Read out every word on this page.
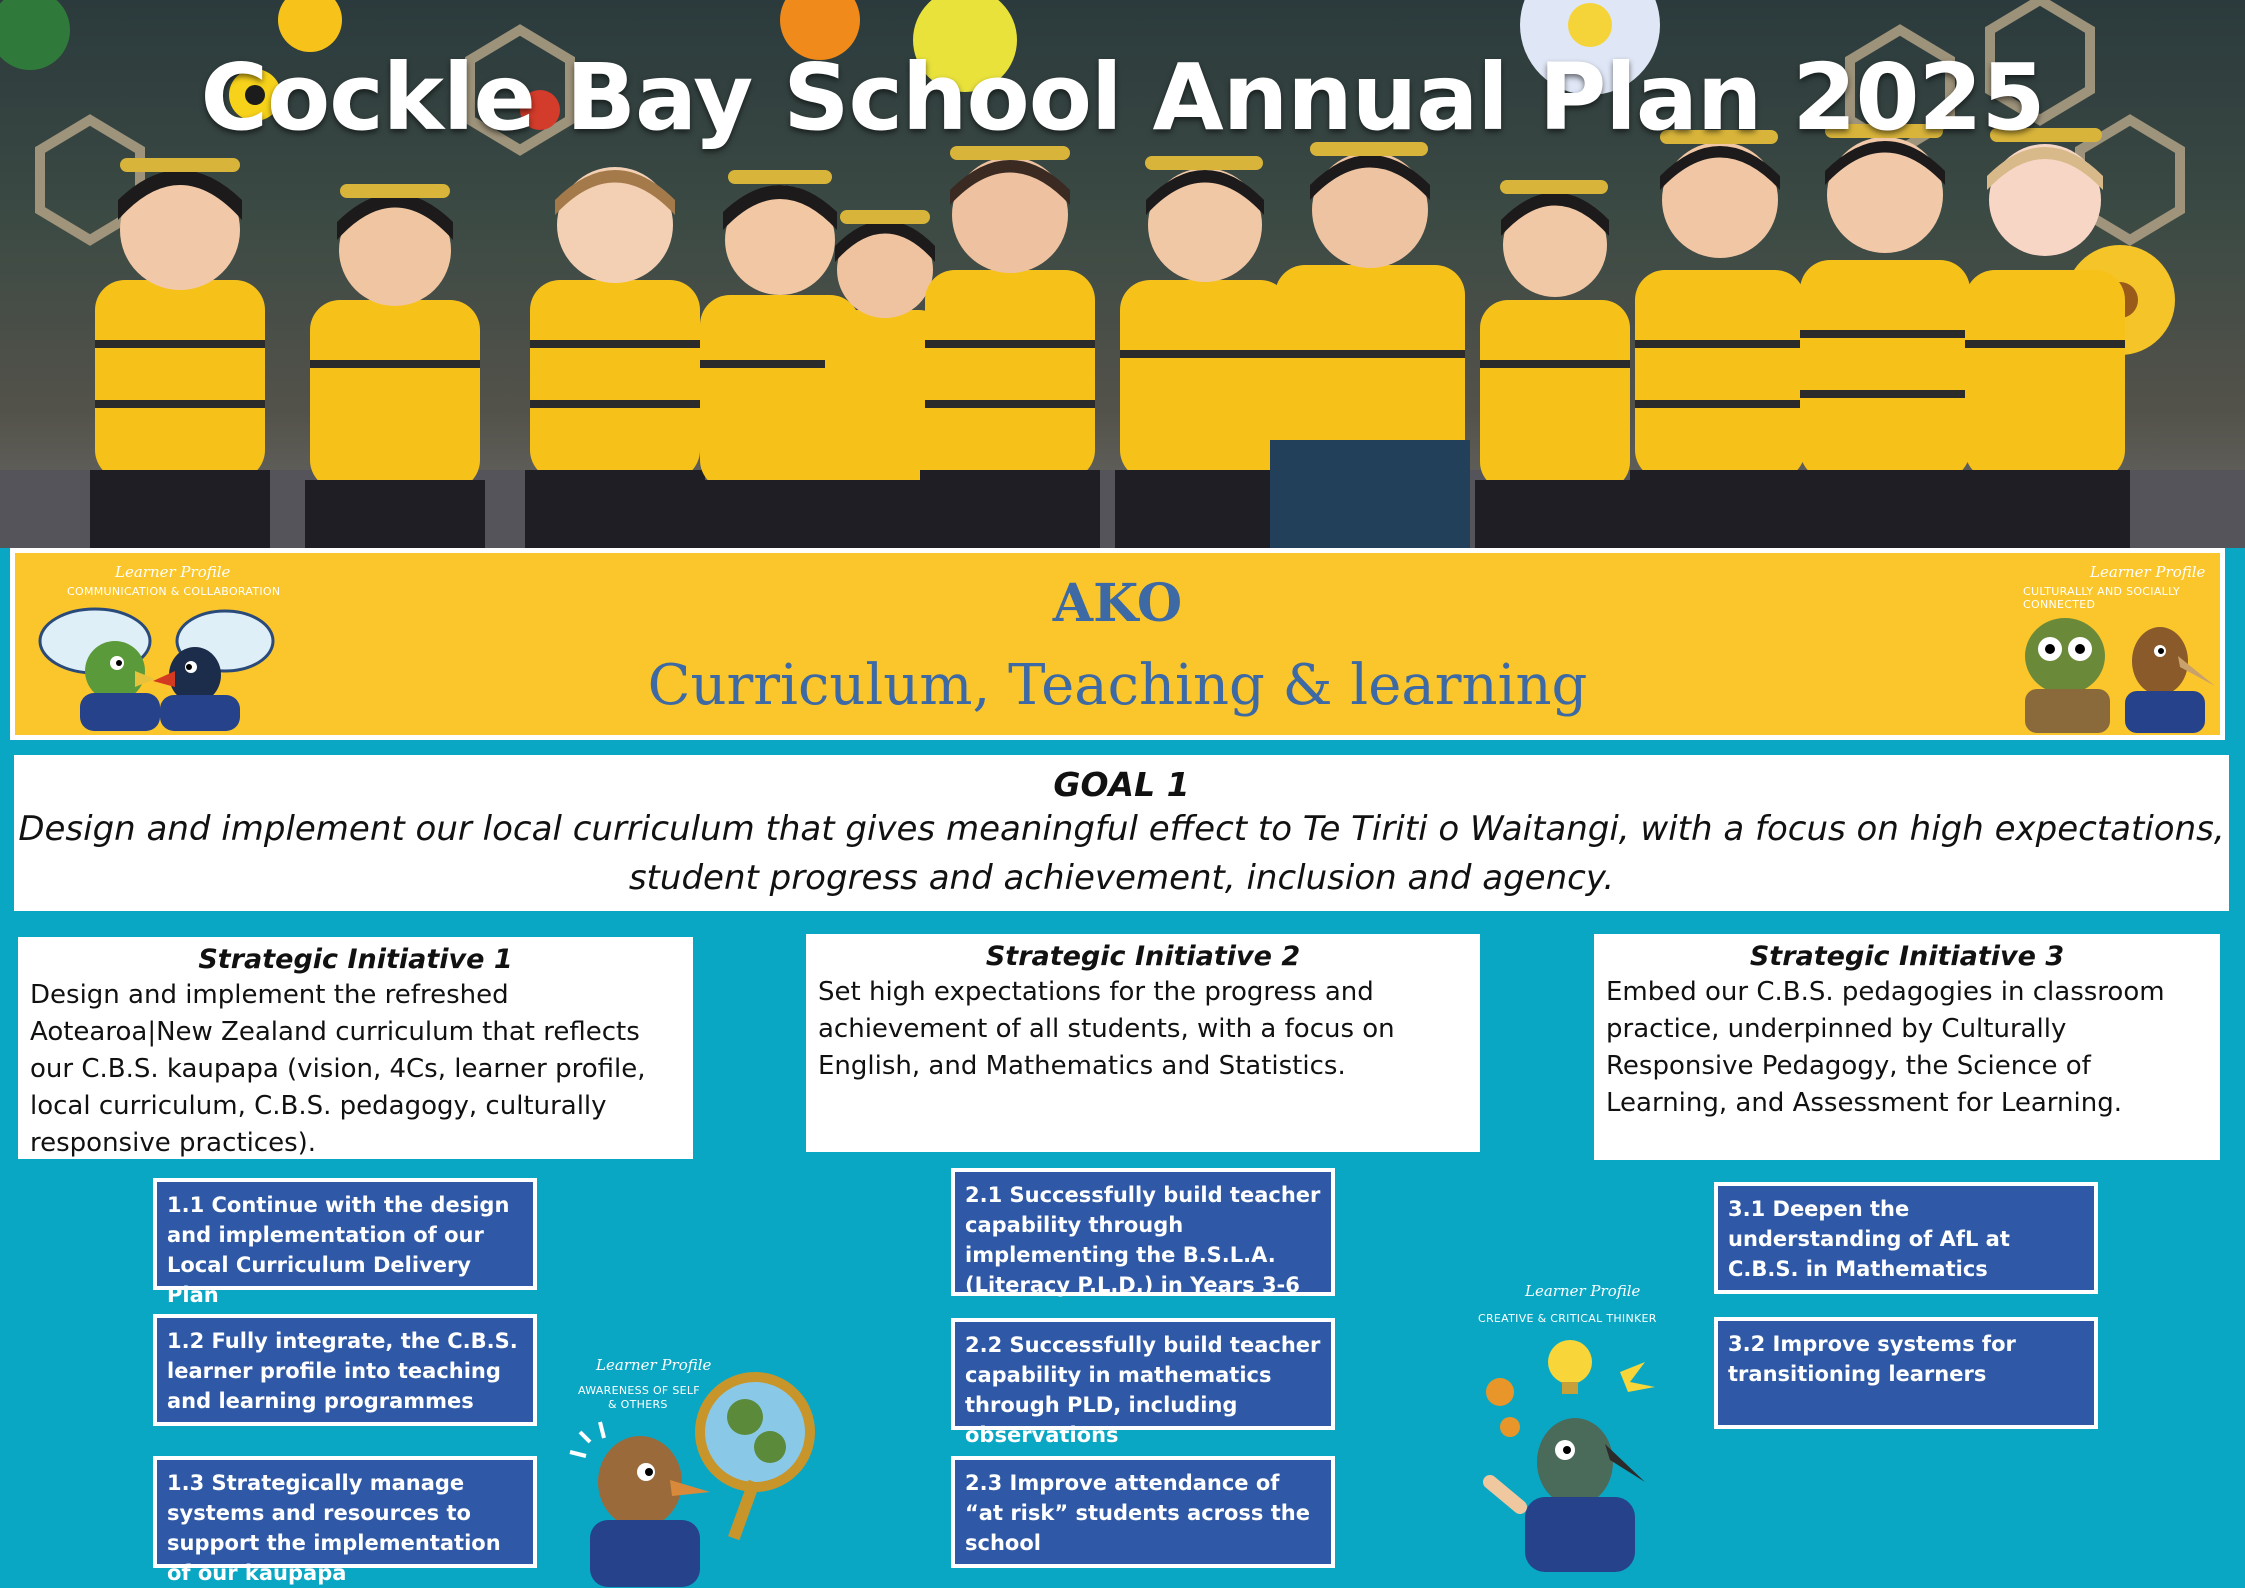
Cockle Bay School Annual Plan 2025
Learner Profile
COMMUNICATION & COLLABORATION	AKO
Curriculum, Teaching & learning
Learner Profile
CULTURALLY AND SOCIALLY CONNECTED
GOAL 1
Design and implement our local curriculum that gives meaningful effect to Te Tiriti o Waitangi, with a focus on high expectations,
student progress and achievement, inclusion and agency.
Strategic Initiative 1
Design and implement the refreshed Aotearoa|New Zealand curriculum that reflects our C.B.S. kaupapa (vision, 4Cs, learner profile, local curriculum, C.B.S. pedagogy, culturally responsive practices).
Strategic Initiative 2
Set high expectations for the progress and achievement of all students, with a focus on English, and Mathematics and Statistics.
Strategic Initiative 3
Embed our C.B.S. pedagogies in classroom practice, underpinned by Culturally Responsive Pedagogy, the Science of Learning, and Assessment for Learning.
1.1 Continue with the design and implementation of our Local Curriculum Delivery Plan
1.2 Fully integrate, the C.B.S. learner profile into teaching and learning programmes
1.3 Strategically manage systems and resources to support the implementation of our kaupapa
2.1 Successfully build teacher capability through implementing the B.S.L.A. (Literacy P.L.D.) in Years 3-6
2.2 Successfully build teacher capability in mathematics through PLD, including observations
2.3 Improve attendance of “at risk” students across the school
3.1 Deepen the understanding of AfL at C.B.S. in Mathematics
3.2 Improve systems for transitioning learners
Learner Profile
AWARENESS OF SELF
& OTHERS
Learner Profile
CREATIVE & CRITICAL THINKER
